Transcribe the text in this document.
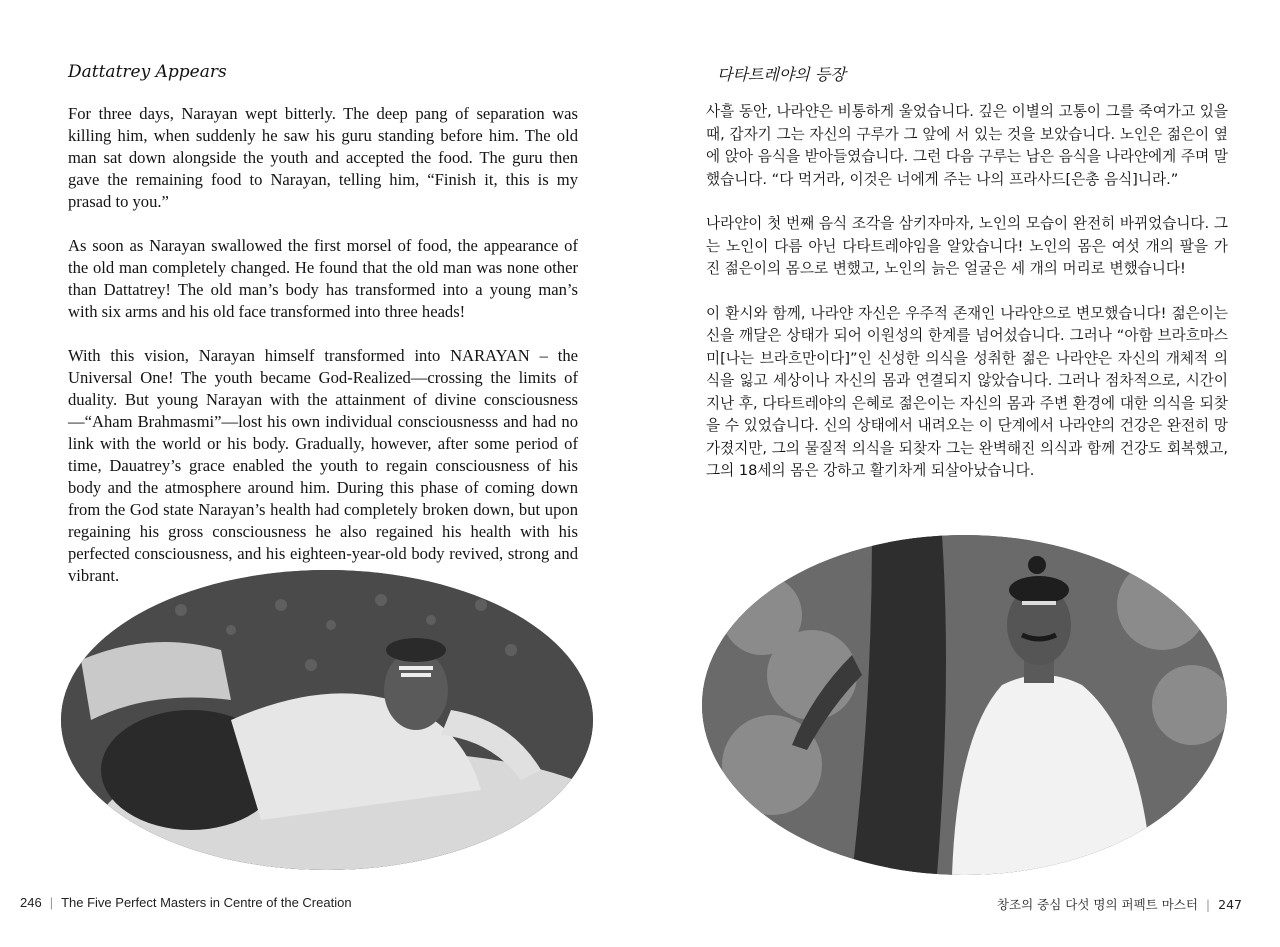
Dattatrey Appears

For three days, Narayan wept bitterly. The deep pang of separation was killing him, when suddenly he saw his guru standing before him. The old man sat down alongside the youth and accepted the food. The guru then gave the remaining food to Narayan, telling him, “Finish it, this is my prasad to you.”

As soon as Narayan swallowed the first morsel of food, the appearance of the old man completely changed. He found that the old man was none other than Dattatrey! The old man’s body has transformed into a young man’s with six arms and his old face transformed into three heads!

With this vision, Narayan himself transformed into NARAYAN – the Universal One! The youth became God-Realized—crossing the limits of duality. But young Narayan with the attainment of divine consciousness—“Aham Brahmasmi”—lost his own individual consciousnesss and had no link with the world or his body. Gradually, however, after some period of time, Dauatrey’s grace enabled the youth to regain consciousness of his body and the atmosphere around him. During this phase of coming down from the God state Narayan’s health had completely broken down, but upon regaining his gross consciousness he also regained his health with his perfected consciousness, and his eighteen-year-old body revived, strong and vibrant.

246 | The Five Perfect Masters in Centre of the Creation
다타트레야의 등장

사흘 동안, 나라얀은 비통하게 울었습니다. 깊은 이별의 고통이 그를 죽여가고 있을 때, 갑자기 그는 자신의 구루가 그 앞에 서 있는 것을 보았습니다. 노인은 젊은이 옆에 앉아 음식을 받아들였습니다. 그런 다음 구루는 남은 음식을 나라얀에게 주며 말했습니다. “다 먹거라, 이것은 너에게 주는 나의 프라사드[은총 음식]니라.”

나라얀이 첫 번째 음식 조각을 삼키자마자, 노인의 모습이 완전히 바뀌었습니다. 그는 노인이 다름 아닌 다타트레야임을 알았습니다! 노인의 몸은 여섯 개의 팔을 가진 젊은이의 몸으로 변했고, 노인의 늙은 얼굴은 세 개의 머리로 변했습니다!

이 환시와 함께, 나라얀 자신은 우주적 존재인 나라얀으로 변모했습니다! 젊은이는 신을 깨달은 상태가 되어 이원성의 한계를 넘어섰습니다. 그러나 “아함 브라흐마스미[나는 브라흐만이다]”인 신성한 의식을 성취한 젊은 나라얀은 자신의 개체적 의식을 잃고 세상이나 자신의 몸과 연결되지 않았습니다. 그러나 점차적으로, 시간이 지난 후, 다타트레야의 은혜로 젊은이는 자신의 몸과 주변 환경에 대한 의식을 되찾을 수 있었습니다. 신의 상태에서 내려오는 이 단계에서 나라얀의 건강은 완전히 망가졌지만, 그의 물질적 의식을 되찾자 그는 완벽해진 의식과 함께 건강도 회복했고, 그의 18세의 몸은 강하고 활기차게 되살아났습니다.

창조의 중심 다섯 명의 퍼펙트 마스터 | 247
